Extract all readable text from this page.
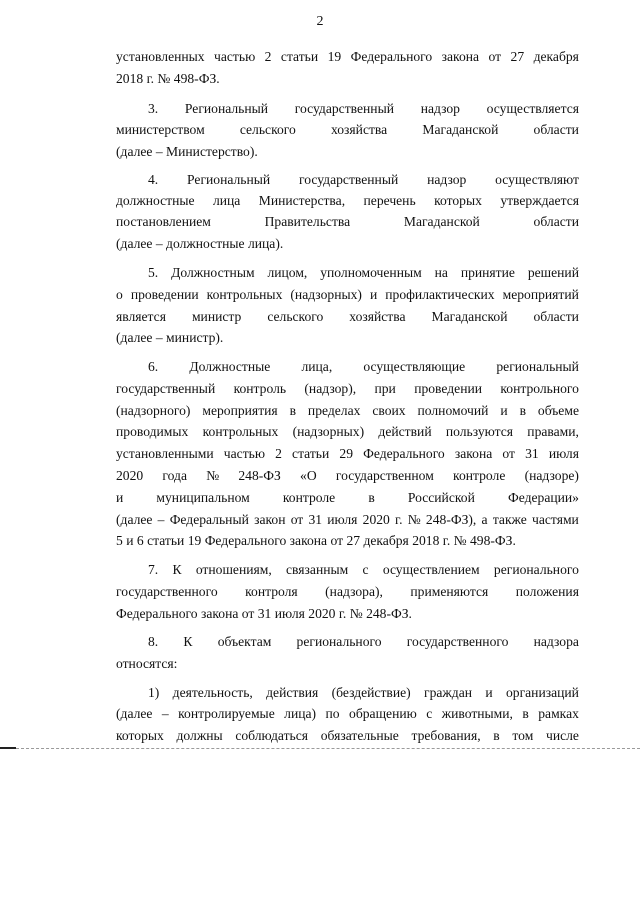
2
установленных частью 2 статьи 19 Федерального закона от 27 декабря
2018 г. № 498-ФЗ.
3. Региональный государственный надзор осуществляется
министерством	сельского	хозяйства	Магаданской	области
(далее – Министерство).
4. Региональный государственный надзор осуществляют
должностные лица Министерства, перечень которых утверждается
постановлением	Правительства	Магаданской	области
(далее – должностные лица).
5. Должностным лицом, уполномоченным на принятие решений
о проведении контрольных (надзорных) и профилактических мероприятий
является министр сельского хозяйства Магаданской области
(далее – министр).
6. Должностные лица, осуществляющие региональный
государственный контроль (надзор), при проведении контрольного
(надзорного) мероприятия в пределах своих полномочий и в объеме
проводимых контрольных (надзорных) действий пользуются правами,
установленными частью 2 статьи 29 Федерального закона от 31 июля
2020 года № 248-ФЗ «О государственном контроле (надзоре)
и муниципальном контроле в Российской Федерации»
(далее – Федеральный закон от 31 июля 2020 г. № 248-ФЗ), а также частями
5 и 6 статьи 19 Федерального закона от 27 декабря 2018 г. № 498-ФЗ.
7. К отношениям, связанным с осуществлением регионального
государственного контроля (надзора), применяются положения
Федерального закона от 31 июля 2020 г. № 248-ФЗ.
8. К объектам регионального государственного надзора
относятся:
1) деятельность, действия (бездействие) граждан и организаций
(далее – контролируемые лица) по обращению с животными, в рамках
которых должны соблюдаться обязательные требования, в том числе
